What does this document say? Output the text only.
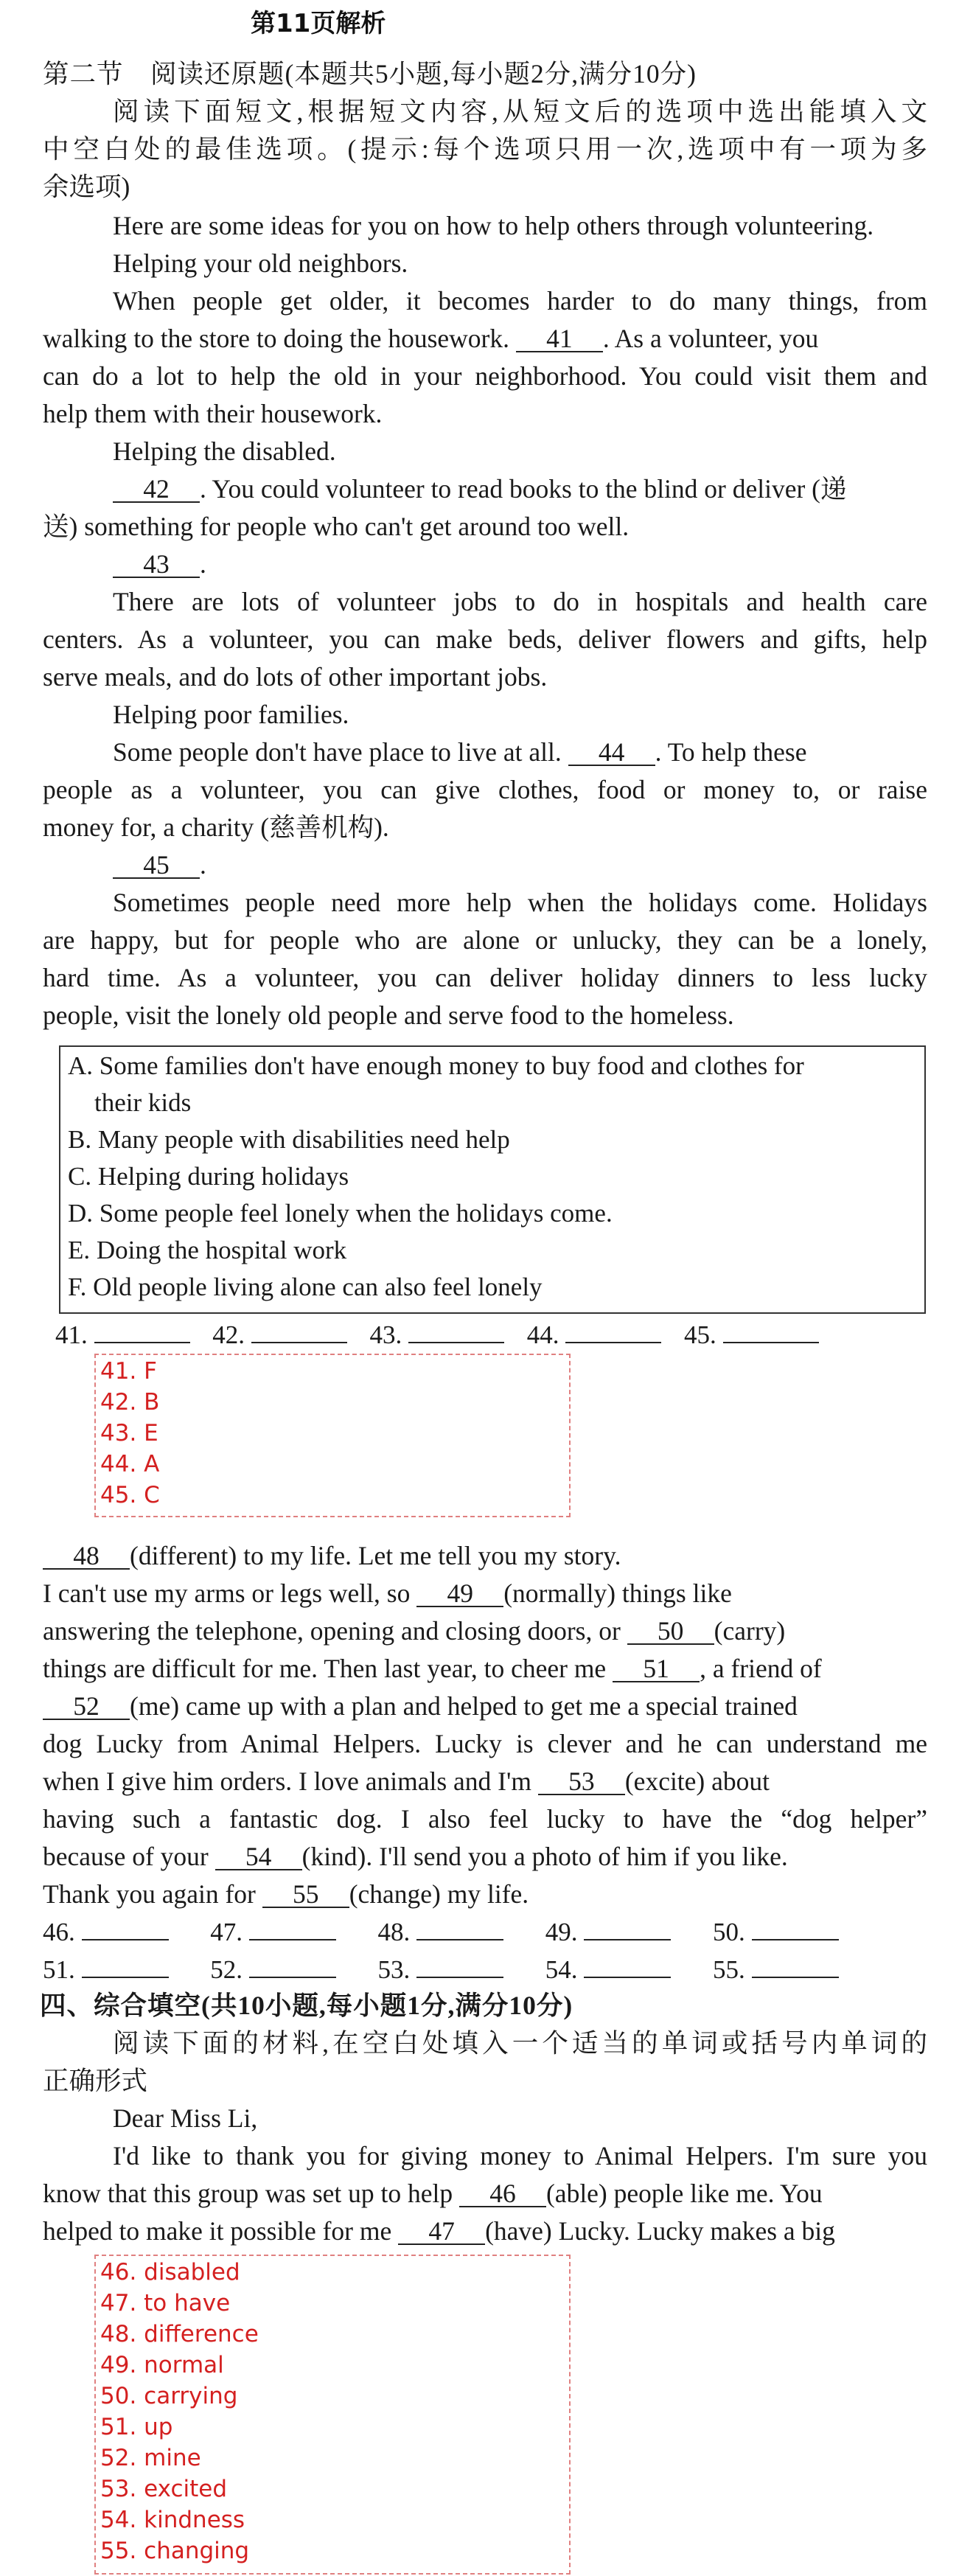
第11页解析
第二节　阅读还原题(本题共5小题,每小题2分,满分10分)
阅读下面短文,根据短文内容,从短文后的选项中选出能填入文
中空白处的最佳选项。(提示:每个选项只用一次,选项中有一项为多
余选项)
Here are some ideas for you on how to help others through volunteering.
Helping your old neighbors.
When people get older, it becomes harder to do many things, from
walking to the store to doing the housework. 41 . As a volunteer, you
can do a lot to help the old in your neighborhood. You could visit them and
help them with their housework.
Helping the disabled.
42 . You could volunteer to read books to the blind or deliver (递
送) something for people who can't get around too well.
43 .
There are lots of volunteer jobs to do in hospitals and health care
centers. As a volunteer, you can make beds, deliver flowers and gifts, help
serve meals, and do lots of other important jobs.
Helping poor families.
Some people don't have place to live at all. 44 . To help these
people as a volunteer, you can give clothes, food or money to, or raise
money for, a charity (慈善机构).
45 .
Sometimes people need more help when the holidays come. Holidays
are happy, but for people who are alone or unlucky, they can be a lonely,
hard time. As a volunteer, you can deliver holiday dinners to less lucky
people, visit the lonely old people and serve food to the homeless.
A. Some families don't have enough money to buy food and clothes for
their kids
B. Many people with disabilities need help
C. Helping during holidays
D. Some people feel lonely when the holidays come.
E. Doing the hospital work
F. Old people living alone can also feel lonely
41.	42.	43.	44.	45.
41. F
42. B
43. E
44. A
45. C
48 (different) to my life. Let me tell you my story.
I can't use my arms or legs well, so 49 (normally) things like
answering the telephone, opening and closing doors, or 50 (carry)
things are difficult for me. Then last year, to cheer me 51 , a friend of
52 (me) came up with a plan and helped to get me a special trained
dog Lucky from Animal Helpers. Lucky is clever and he can understand me
when I give him orders. I love animals and I'm 53 (excite) about
having such a fantastic dog. I also feel lucky to have the “dog helper”
because of your 54 (kind). I'll send you a photo of him if you like.
Thank you again for 55 (change) my life.
46.	47.	48.	49.	50.
51.	52.	53.	54.	55.
四、综合填空(共10小题,每小题1分,满分10分)
阅读下面的材料,在空白处填入一个适当的单词或括号内单词的
正确形式
Dear Miss Li,
I'd like to thank you for giving money to Animal Helpers. I'm sure you
know that this group was set up to help 46 (able) people like me. You
helped to make it possible for me 47 (have) Lucky. Lucky makes a big
46. disabled
47. to have
48. difference
49. normal
50. carrying
51. up
52. mine
53. excited
54. kindness
55. changing
